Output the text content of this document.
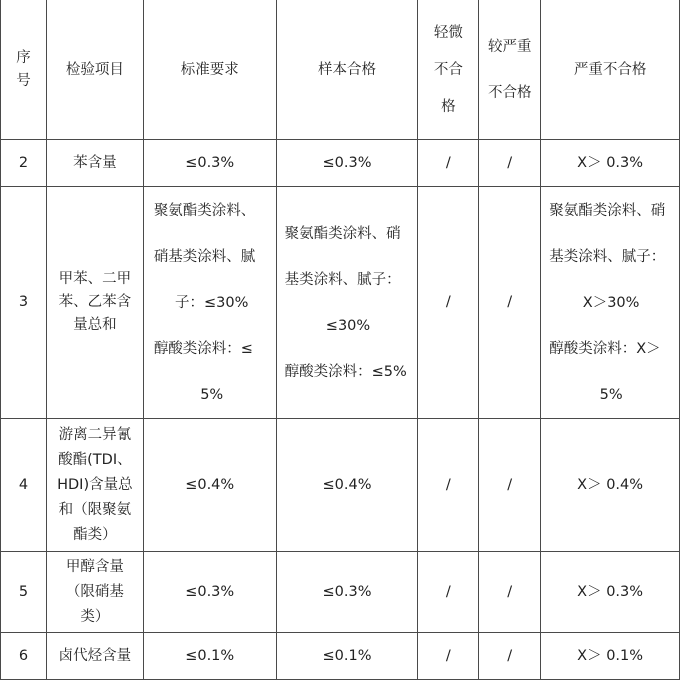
序
号	检验项目	标准要求	样本合格	轻微
不合
格	较严重
不合格	严重不合格
2	苯含量	≤0.3%	≤0.3%	/	/	X＞ 0.3%
3	甲苯、二甲
苯、乙苯含
量总和	聚氨酯类涂料、
硝基类涂料、腻
子：≤30%
醇酸类涂料：≤
5%	聚氨酯类涂料、硝
基类涂料、腻子：
≤30%
醇酸类涂料：≤5%	/	/	聚氨酯类涂料、硝
基类涂料、腻子：
X＞30%
醇酸类涂料：X＞
5%

4	游离二异氰
酸酯(TDI、
HDI)含量总
和（限聚氨
酯类）	≤0.4%	≤0.4%	/	/	X＞ 0.4%
5	甲醇含量
（限硝基
类）	≤0.3%	≤0.3%	/	/	X＞ 0.3%
6	卤代烃含量	≤0.1%	≤0.1%	/	/	X＞ 0.1%
